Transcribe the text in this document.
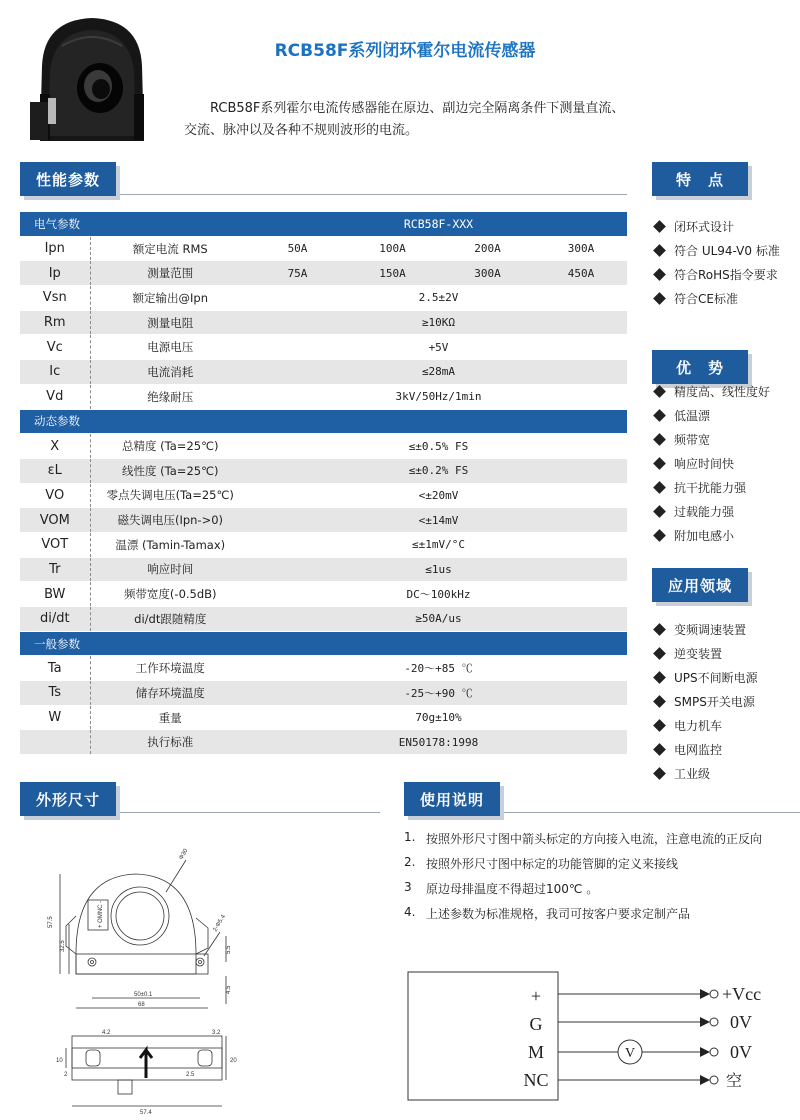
RCB58F系列闭环霍尔电流传感器
RCB58F系列霍尔电流传感器能在原边、副边完全隔离条件下测量直流、交流、脉冲以及各种不规则波形的电流。
性能参数	特　点
优　势
应用领域
外形尺寸	使用说明
电气参数		RCB58F-XXX			
Ipn	额定电流 RMS	50A	100A	200A	300A
Ip	测量范围	75A	150A	300A	450A
Vsn	额定输出@Ipn	2.5±2V			
Rm	测量电阻	≥10KΩ			
Vc	电源电压	+5V			
Ic	电流消耗	≤28mA			
Vd	绝缘耐压	3kV/50Hz/1min			
动态参数					
X	总精度 (Ta=25℃)	≤±0.5% FS			
εL	线性度 (Ta=25℃)	≤±0.2% FS			
VO	零点失调电压(Ta=25℃)	<±20mV			
VOM	磁失调电压(Ipn->0)	<±14mV			
VOT	温漂 (Tamin-Tamax)	≤±1mV/°C			
Tr	响应时间	≤1us			
BW	频带宽度(-0.5dB)	DC～100kHz			
di/dt	di/dt跟随精度	≥50A/us			
一般参数					
Ta	工作环境温度	-20～+85 ℃			
Ts	储存环境温度	-25～+90 ℃			
W	重量	70g±10%			
	执行标准	EN50178:1998			
闭环式设计
符合 UL94-V0 标准
符合RoHS指令要求
符合CE标准
精度高、线性度好
低温漂
频带宽
响应时间快
抗干扰能力强
过载能力强
附加电感小
变频调速装置
逆变装置
UPS不间断电源
SMPS开关电源
电力机车
电网监控
工业级
1. 按照外形尺寸图中箭头标定的方向接入电流，注意电流的正反向
2. 按照外形尺寸图中标定的功能管脚的定义来接线
3	原边母排温度不得超过100℃ 。
4. 上述参数为标准规格，我司可按客户要求定制产品
57.5
32.5	5.5
4.5
50±0.1
68
Φ30
2-Φ5.4
+ OMNC -
4.2	3.2
10	20
2.5
57.4
2
+
G
M
NC
V
+Vcc
0V
0V
空
